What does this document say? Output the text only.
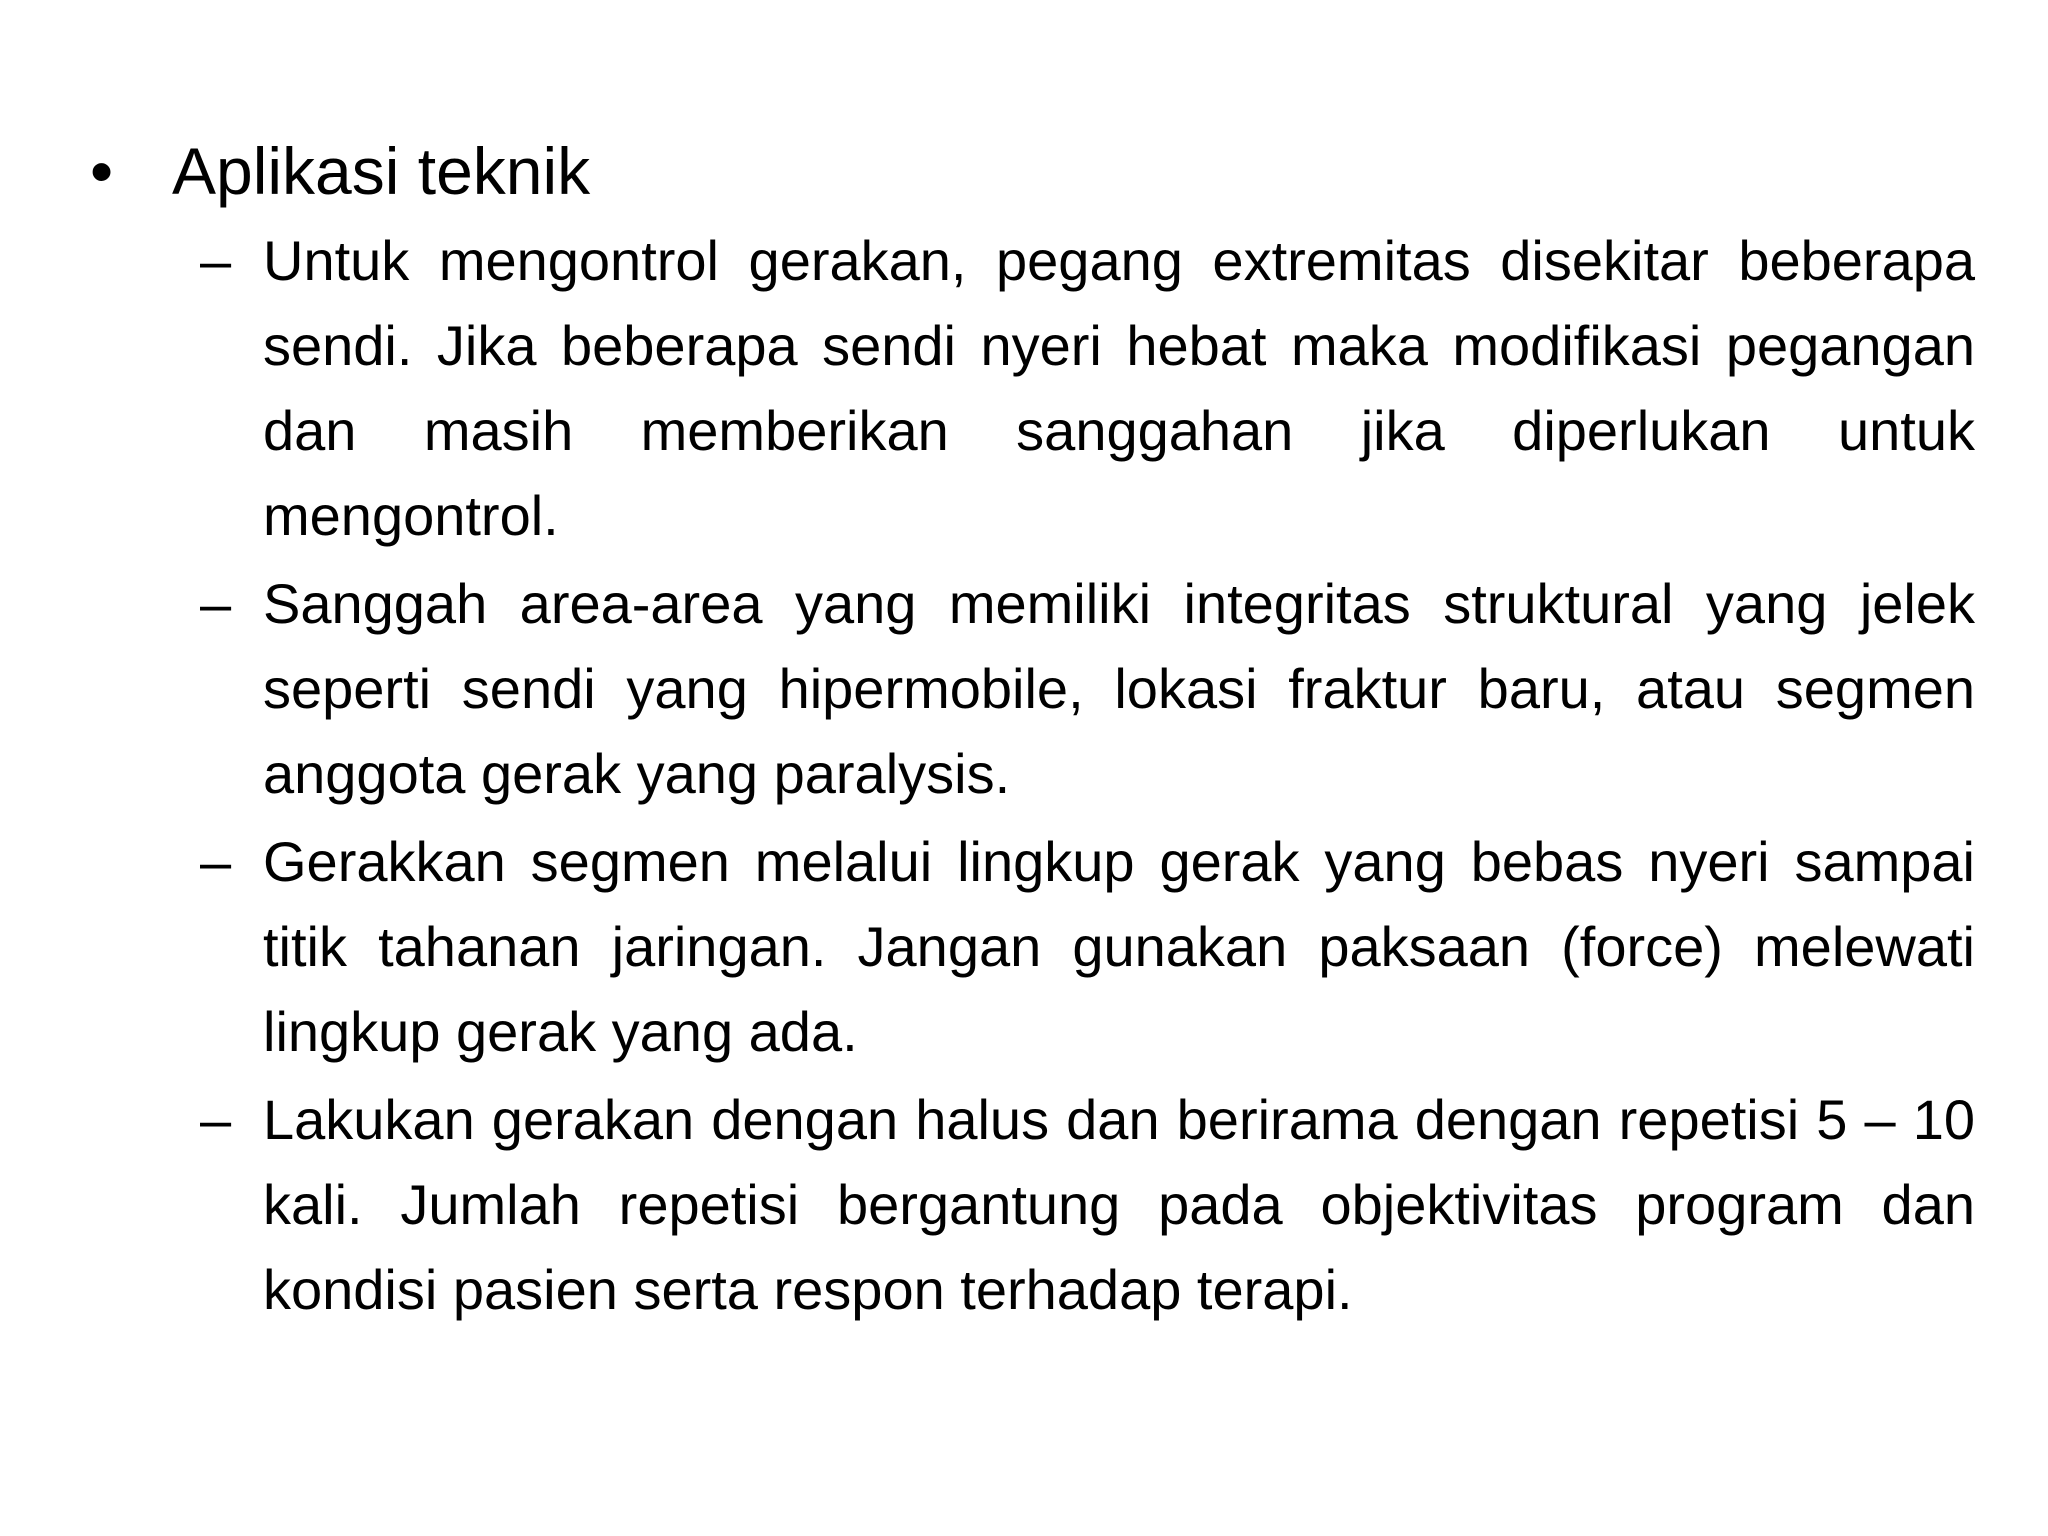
• Aplikasi teknik
– Untuk mengontrol gerakan, pegang extremitas disekitar beberapa sendi. Jika beberapa sendi nyeri hebat maka modifikasi pegangan dan masih memberikan sanggahan jika diperlukan untuk mengontrol.
– Sanggah area-area yang memiliki integritas struktural yang jelek seperti sendi yang hipermobile, lokasi fraktur baru, atau segmen anggota gerak yang paralysis.
– Gerakkan segmen melalui lingkup gerak yang bebas nyeri sampai titik tahanan jaringan. Jangan gunakan paksaan (force) melewati lingkup gerak yang ada.
– Lakukan gerakan dengan halus dan berirama dengan repetisi 5 – 10 kali. Jumlah repetisi bergantung pada objektivitas program dan kondisi pasien serta respon terhadap terapi.
